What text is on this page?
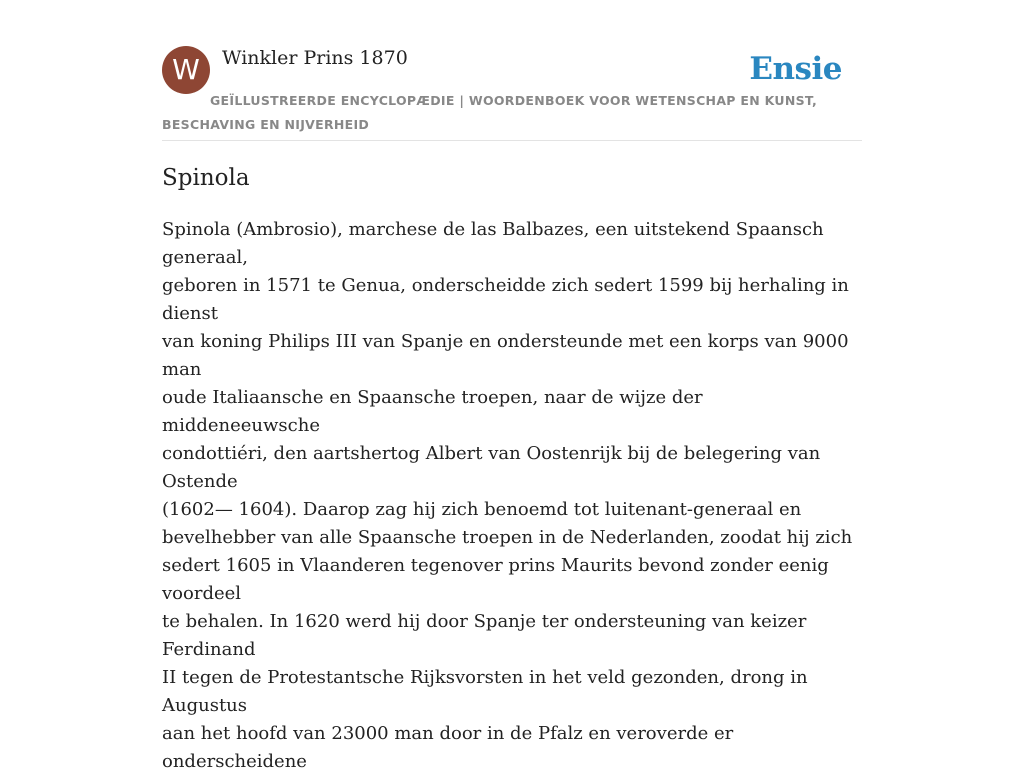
W	Winkler Prins 1870
GEÏLLUSTREERDE ENCYCLOPÆDIE | WOORDENBOEK VOOR WETENSCHAP EN KUNST, BESCHAVING EN NIJVERHEID
Ensie
Spinola

Spinola (Ambrosio), marchese de las Balbazes, een uitstekend Spaansch generaal,
geboren in 1571 te Genua, onderscheidde zich sedert 1599 bij herhaling in dienst
van koning Philips III van Spanje en ondersteunde met een korps van 9000 man
oude Italiaansche en Spaansche troepen, naar de wijze der middeneeuwsche
condottiéri, den aartshertog Albert van Oostenrijk bij de belegering van Ostende
(1602— 1604). Daarop zag hij zich benoemd tot luitenant-generaal en
bevelhebber van alle Spaansche troepen in de Nederlanden, zoodat hij zich
sedert 1605 in Vlaanderen tegenover prins Maurits bevond zonder eenig voordeel
te behalen. In 1620 werd hij door Spanje ter ondersteuning van keizer Ferdinand
II tegen de Protestantsche Rijksvorsten in het veld gezonden, drong in Augustus
aan het hoofd van 23000 man door in de Pfalz en veroverde er onderscheidene
